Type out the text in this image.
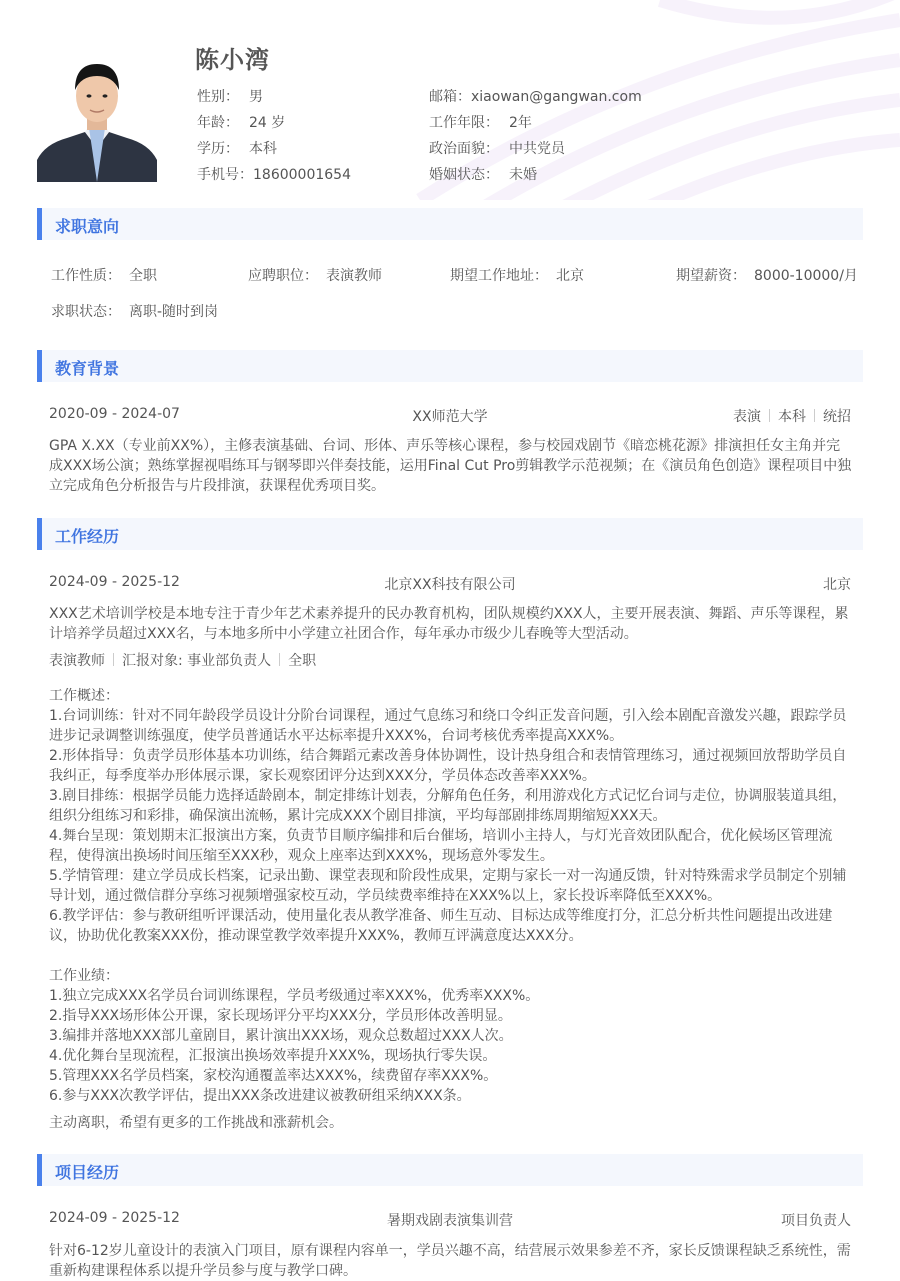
陈小湾
性别： 男	邮箱：xiaowan@gangwan.com
年龄： 24 岁	工作年限： 2年
学历： 本科	政治面貌： 中共党员
手机号：18600001654	婚姻状态： 未婚
求职意向
工作性质： 全职	应聘职位： 表演教师	期望工作地址： 北京	期望薪资： 8000-10000/月
求职状态： 离职-随时到岗
教育背景
2020-09 - 2024-07	XX师范大学	表演 本科 统招
GPA X.XX（专业前XX%），主修表演基础、台词、形体、声乐等核心课程，参与校园戏剧节《暗恋桃花源》排演担任女主角并完
成XXX场公演；熟练掌握视唱练耳与钢琴即兴伴奏技能，运用Final Cut Pro剪辑教学示范视频；在《演员角色创造》课程项目中独
立完成角色分析报告与片段排演，获课程优秀项目奖。
工作经历
2024-09 - 2025-12	北京XX科技有限公司	北京
XXX艺术培训学校是本地专注于青少年艺术素养提升的民办教育机构，团队规模约XXX人，主要开展表演、舞蹈、声乐等课程，累
计培养学员超过XXX名，与本地多所中小学建立社团合作，每年承办市级少儿春晚等大型活动。
表演教师 汇报对象: 事业部负责人 全职
工作概述：
1.台词训练：针对不同年龄段学员设计分阶台词课程，通过气息练习和绕口令纠正发音问题，引入绘本剧配音激发兴趣，跟踪学员
进步记录调整训练强度，使学员普通话水平达标率提升XXX%，台词考核优秀率提高XXX%。
2.形体指导：负责学员形体基本功训练，结合舞蹈元素改善身体协调性，设计热身组合和表情管理练习，通过视频回放帮助学员自
我纠正，每季度举办形体展示课，家长观察团评分达到XXX分，学员体态改善率XXX%。
3.剧目排练：根据学员能力选择适龄剧本，制定排练计划表，分解角色任务，利用游戏化方式记忆台词与走位，协调服装道具组，
组织分组练习和彩排，确保演出流畅，累计完成XXX个剧目排演，平均每部剧排练周期缩短XXX天。
4.舞台呈现：策划期末汇报演出方案，负责节目顺序编排和后台催场，培训小主持人，与灯光音效团队配合，优化候场区管理流
程，使得演出换场时间压缩至XXX秒，观众上座率达到XXX%，现场意外零发生。
5.学情管理：建立学员成长档案，记录出勤、课堂表现和阶段性成果，定期与家长一对一沟通反馈，针对特殊需求学员制定个别辅
导计划，通过微信群分享练习视频增强家校互动，学员续费率维持在XXX%以上，家长投诉率降低至XXX%。
6.教学评估：参与教研组听评课活动，使用量化表从教学准备、师生互动、目标达成等维度打分，汇总分析共性问题提出改进建
议，协助优化教案XXX份，推动课堂教学效率提升XXX%，教师互评满意度达XXX分。
工作业绩：
1.独立完成XXX名学员台词训练课程，学员考级通过率XXX%，优秀率XXX%。
2.指导XXX场形体公开课，家长现场评分平均XXX分，学员形体改善明显。
3.编排并落地XXX部儿童剧目，累计演出XXX场，观众总数超过XXX人次。
4.优化舞台呈现流程，汇报演出换场效率提升XXX%，现场执行零失误。
5.管理XXX名学员档案，家校沟通覆盖率达XXX%，续费留存率XXX%。
6.参与XXX次教学评估，提出XXX条改进建议被教研组采纳XXX条。
主动离职，希望有更多的工作挑战和涨薪机会。
项目经历
2024-09 - 2025-12	暑期戏剧表演集训营	项目负责人
针对6-12岁儿童设计的表演入门项目，原有课程内容单一，学员兴趣不高，结营展示效果参差不齐，家长反馈课程缺乏系统性，需
重新构建课程体系以提升学员参与度与教学口碑。
